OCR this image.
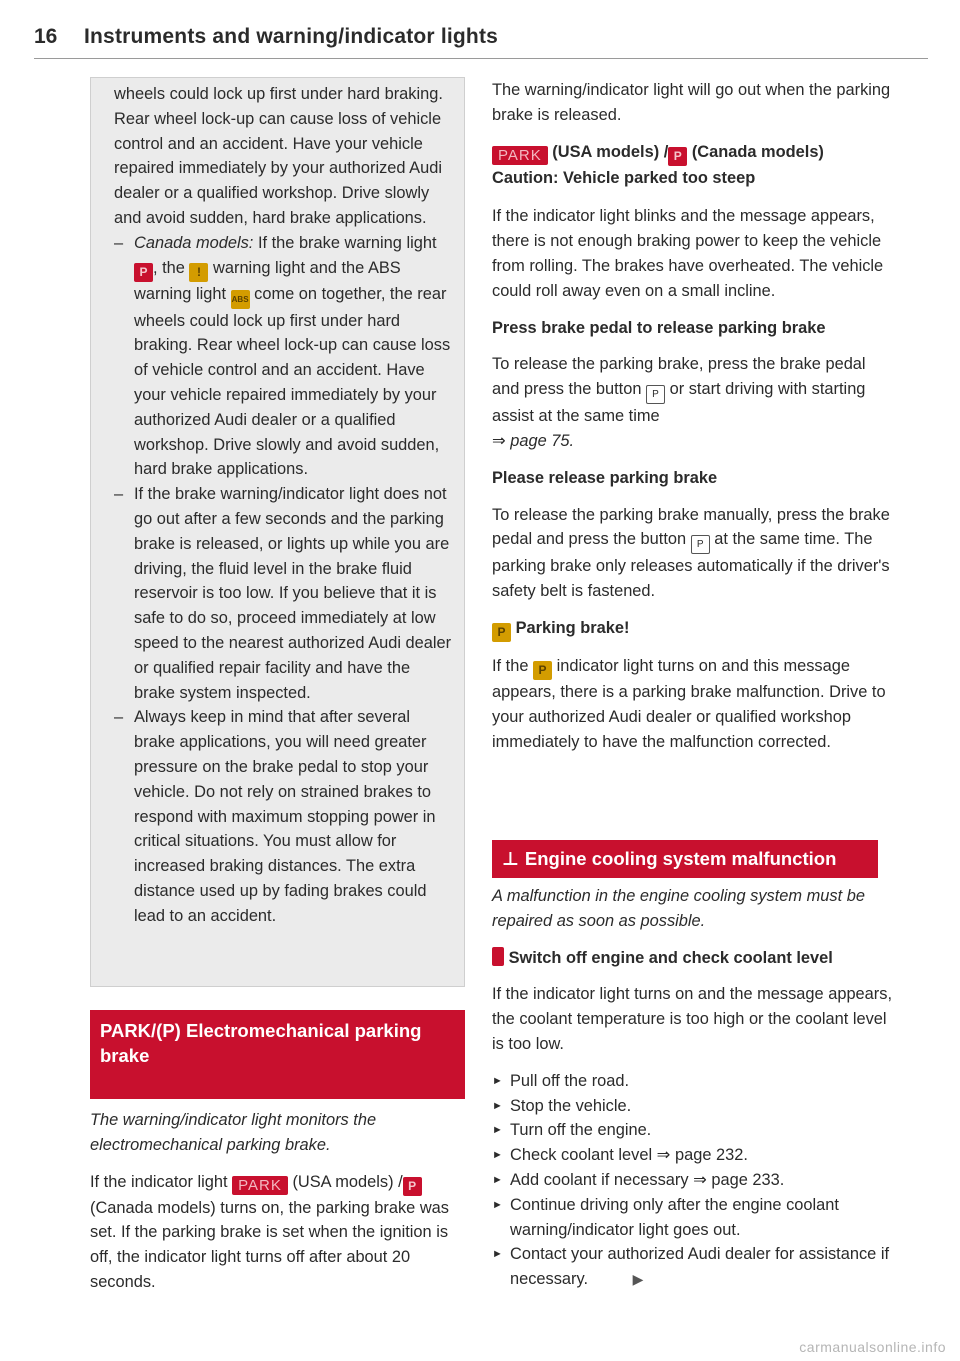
16 Instruments and warning/indicator lights

wheels could lock up first under hard braking. Rear wheel lock-up can cause loss of vehicle control and an accident. Have your vehicle repaired immediately by your authorized Audi dealer or a qualified workshop. Drive slowly and avoid sudden, hard brake applications.

– Canada models: If the brake warning light P , the ! warning light and the ABS warning light ABS come on together, the rear wheels could lock up first under hard braking. Rear wheel lock-up can cause loss of vehicle control and an accident. Have your vehicle repaired immediately by your authorized Audi dealer or a qualified workshop. Drive slowly and avoid sudden, hard brake applications.

– If the brake warning/indicator light does not go out after a few seconds and the parking brake is released, or lights up while you are driving, the fluid level in the brake fluid reservoir is too low. If you believe that it is safe to do so, proceed immediately at low speed to the nearest authorized Audi dealer or qualified repair facility and have the brake system inspected.

– Always keep in mind that after several brake applications, you will need greater pressure on the brake pedal to stop your vehicle. Do not rely on strained brakes to respond with maximum stopping power in critical situations. You must allow for increased braking distances. The extra distance used up by fading brakes could lead to an accident.

PARK/(P) Electromechanical parking brake

The warning/indicator light monitors the electromechanical parking brake.

If the indicator light PARK (USA models) / P (Canada models) turns on, the parking brake was set. If the parking brake is set when the ignition is off, the indicator light turns off after about 20 seconds.

The warning/indicator light will go out when the parking brake is released.

PARK (USA models) / P (Canada models)
Caution: Vehicle parked too steep

If the indicator light blinks and the message appears, there is not enough braking power to keep the vehicle from rolling. The brakes have overheated. The vehicle could roll away even on a small incline.

Press brake pedal to release parking brake

To release the parking brake, press the brake pedal and press the button P or start driving with starting assist at the same time
⇒ page 75.

Please release parking brake

To release the parking brake manually, press the brake pedal and press the button P at the same time. The parking brake only releases automatically if the driver's safety belt is fastened.

P Parking brake!

If the P indicator light turns on and this message appears, there is a parking brake malfunction. Drive to your authorized Audi dealer or qualified workshop immediately to have the malfunction corrected.

⊥ Engine cooling system malfunction

A malfunction in the engine cooling system must be repaired as soon as possible.

Switch off engine and check coolant level

If the indicator light turns on and the message appears, the coolant temperature is too high or the coolant level is too low.

► Pull off the road.

► Stop the vehicle.

► Turn off the engine.

► Check coolant level ⇒ page 232.

► Add coolant if necessary ⇒ page 233.

► Continue driving only after the engine coolant warning/indicator light goes out.

► Contact your authorized Audi dealer for assistance if necessary.	▶

carmanualsonline.info
